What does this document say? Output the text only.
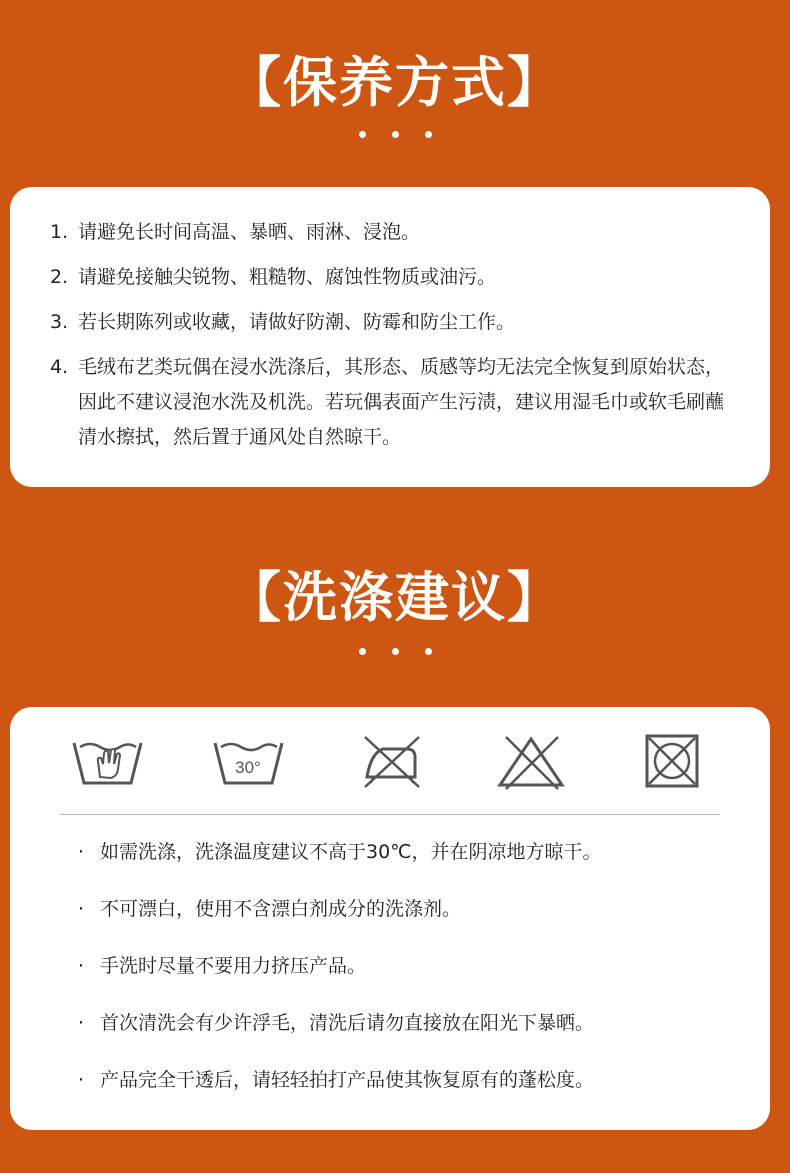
【保养方式】
1. 请避免长时间高温、暴晒、雨淋、浸泡。
2. 请避免接触尖锐物、粗糙物、腐蚀性物质或油污。
3. 若长期陈列或收藏，请做好防潮、防霉和防尘工作。
4. 毛绒布艺类玩偶在浸水洗涤后，其形态、质感等均无法完全恢复到原始状态，因此不建议浸泡水洗及机洗。若玩偶表面产生污渍，建议用湿毛巾或软毛刷蘸清水擦拭，然后置于通风处自然晾干。
【洗涤建议】
30°
· 如需洗涤，洗涤温度建议不高于30℃，并在阴凉地方晾干。
· 不可漂白，使用不含漂白剂成分的洗涤剂。
· 手洗时尽量不要用力挤压产品。
· 首次清洗会有少许浮毛，清洗后请勿直接放在阳光下暴晒。
· 产品完全干透后，请轻轻拍打产品使其恢复原有的蓬松度。
